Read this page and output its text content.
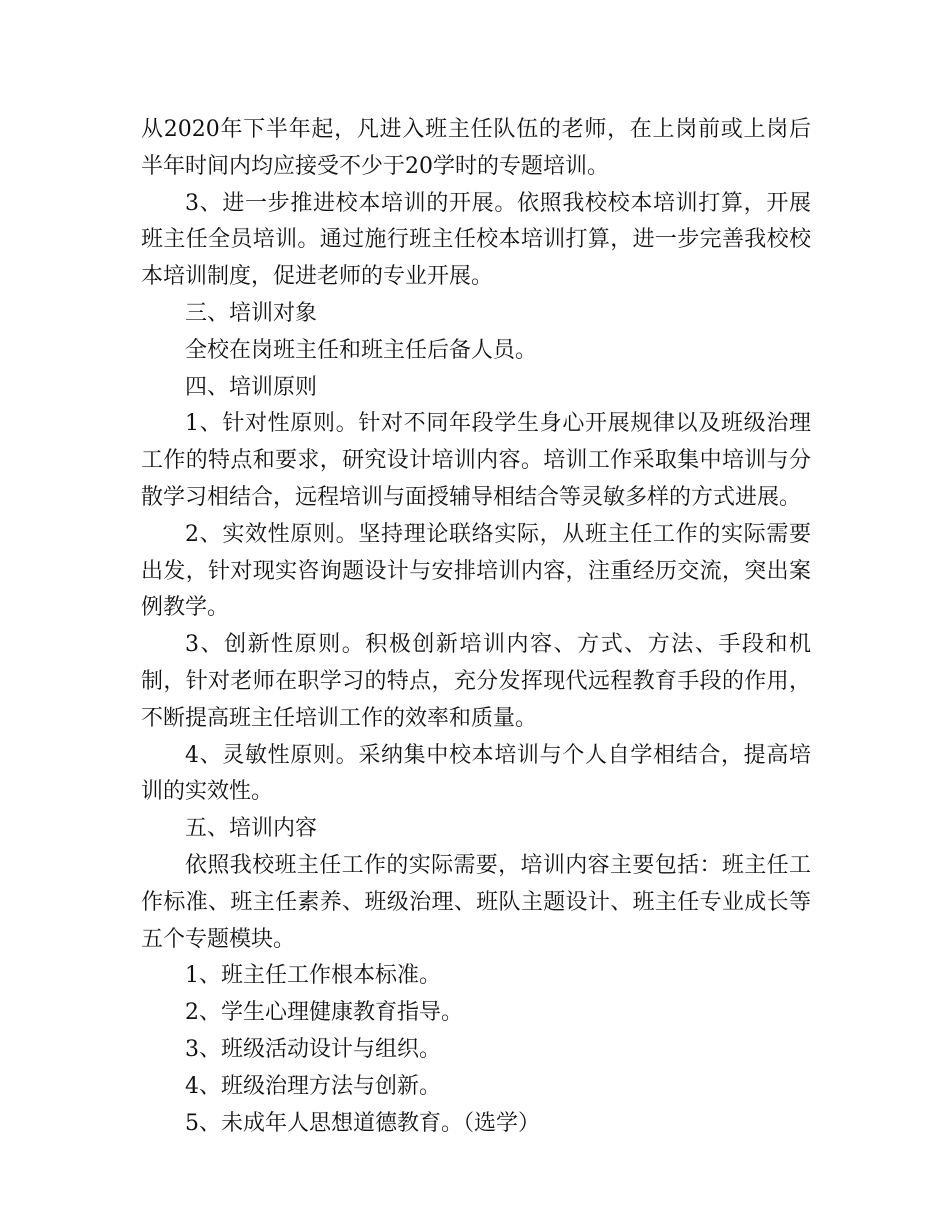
从2020年下半年起，凡进入班主任队伍的老师，在上岗前或上岗后半年时间内均应接受不少于20学时的专题培训。

3、进一步推进校本培训的开展。依照我校校本培训打算，开展班主任全员培训。通过施行班主任校本培训打算，进一步完善我校校本培训制度，促进老师的专业开展。

三、培训对象

全校在岗班主任和班主任后备人员。

四、培训原则

1、针对性原则。针对不同年段学生身心开展规律以及班级治理工作的特点和要求，研究设计培训内容。培训工作采取集中培训与分散学习相结合，远程培训与面授辅导相结合等灵敏多样的方式进展。

2、实效性原则。坚持理论联络实际，从班主任工作的实际需要出发，针对现实咨询题设计与安排培训内容，注重经历交流，突出案例教学。

3、创新性原则。积极创新培训内容、方式、方法、手段和机制，针对老师在职学习的特点，充分发挥现代远程教育手段的作用，不断提高班主任培训工作的效率和质量。

4、灵敏性原则。采纳集中校本培训与个人自学相结合，提高培训的实效性。

五、培训内容

依照我校班主任工作的实际需要，培训内容主要包括：班主任工作标准、班主任素养、班级治理、班队主题设计、班主任专业成长等五个专题模块。

1、班主任工作根本标准。

2、学生心理健康教育指导。

3、班级活动设计与组织。

4、班级治理方法与创新。

5、未成年人思想道德教育。（选学）
